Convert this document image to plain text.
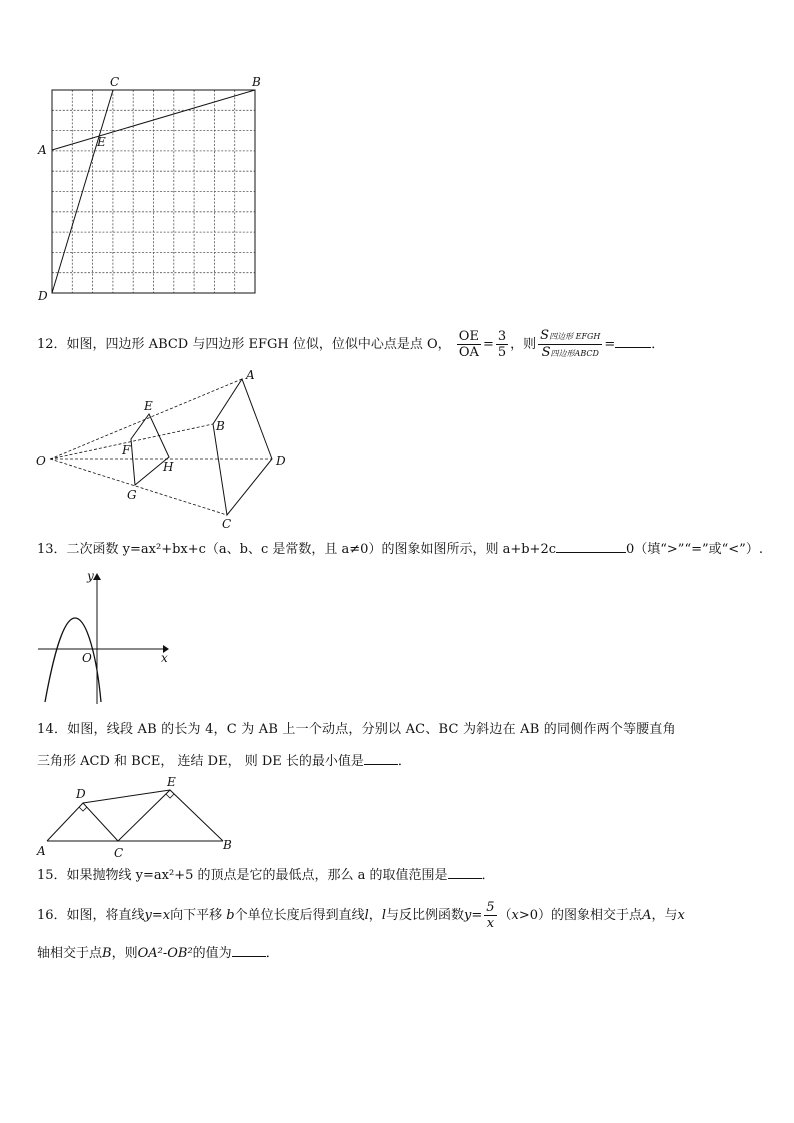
C	B
A
E
D
12．如图，四边形 ABCD 与四边形 EFGH 位似，位似中心点是点 O， $\frac{OE}{OA} = \frac{3}{5}$ ，则 $\frac{\text{S四边形 EFGH}}{\text{S四边形ABCD}}$ =	．
O
E
F
G
H
A
B
C
D
13．二次函数 y=ax²+bx+c（a、b、c 是常数，且 a≠0）的图象如图所示，则 a+b+2c	0（填“>”“=”或“<”）.
y
x
O
14．如图，线段 AB 的长为 4，C 为 AB 上一个动点，分别以 AC、BC 为斜边在 AB 的同侧作两个等腰直角
三角形 ACD 和 BCE， 连结 DE， 则 DE 长的最小值是	．
A	C
B
D
E
15．如果抛物线 y=ax²+5 的顶点是它的最低点，那么 a 的取值范围是	．
16．如图，将直线y=x向下平移 b个单位长度后得到直线l，l与反比例函数$y= \frac{5}{x} (x>0)$的图象相交于点A，与x
轴相交于点B，则OA²-OB²的值为	．
